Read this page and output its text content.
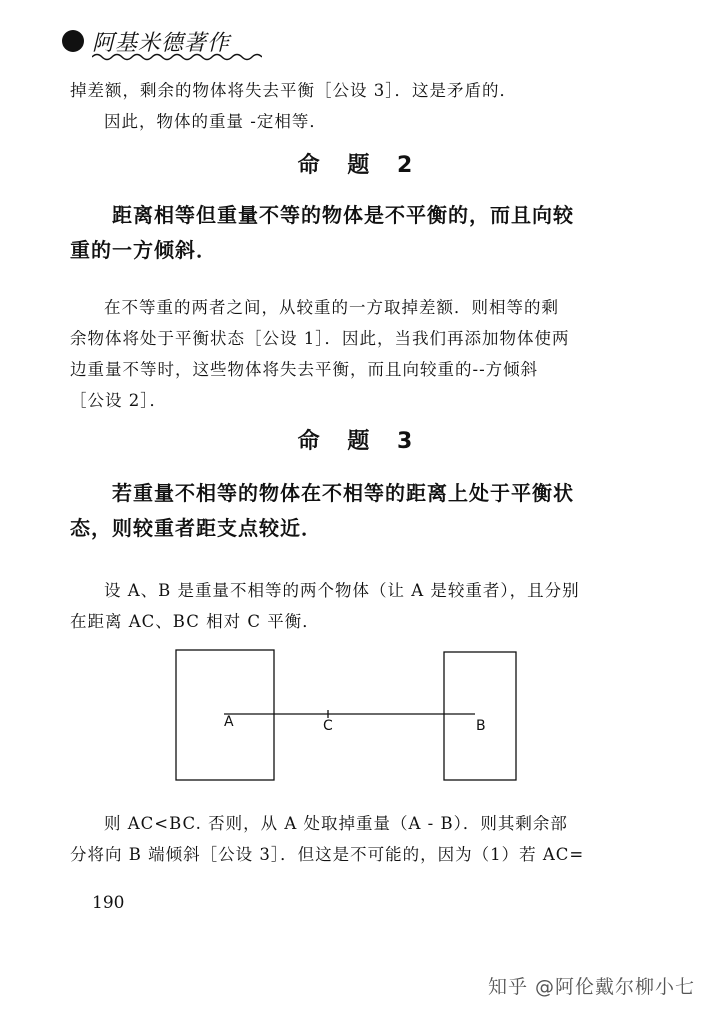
阿基米德著作
掉差额，剩余的物体将失去平衡［公设 3］．这是矛盾的．
因此，物体的重量 -定相等．
命 题 2
距离相等但重量不等的物体是不平衡的，而且向较
重的一方倾斜．
在不等重的两者之间，从较重的一方取掉差额．则相等的剩
余物体将处于平衡状态［公设 1］．因此，当我们再添加物体使两
边重量不等时，这些物体将失去平衡，而且向较重的--方倾斜
［公设 2］．
命 题 3
若重量不相等的物体在不相等的距离上处于平衡状
态，则较重者距支点较近．
设 A、B 是重量不相等的两个物体（让 A 是较重者），且分别
在距离 AC、BC 相对 C 平衡．
A	C	B
则 AC<BC. 否则，从 A 处取掉重量（A - B）．则其剩余部
分将向 B 端倾斜［公设 3］．但这是不可能的，因为（1）若 AC=
190
知乎 @阿伦戴尔柳小七
